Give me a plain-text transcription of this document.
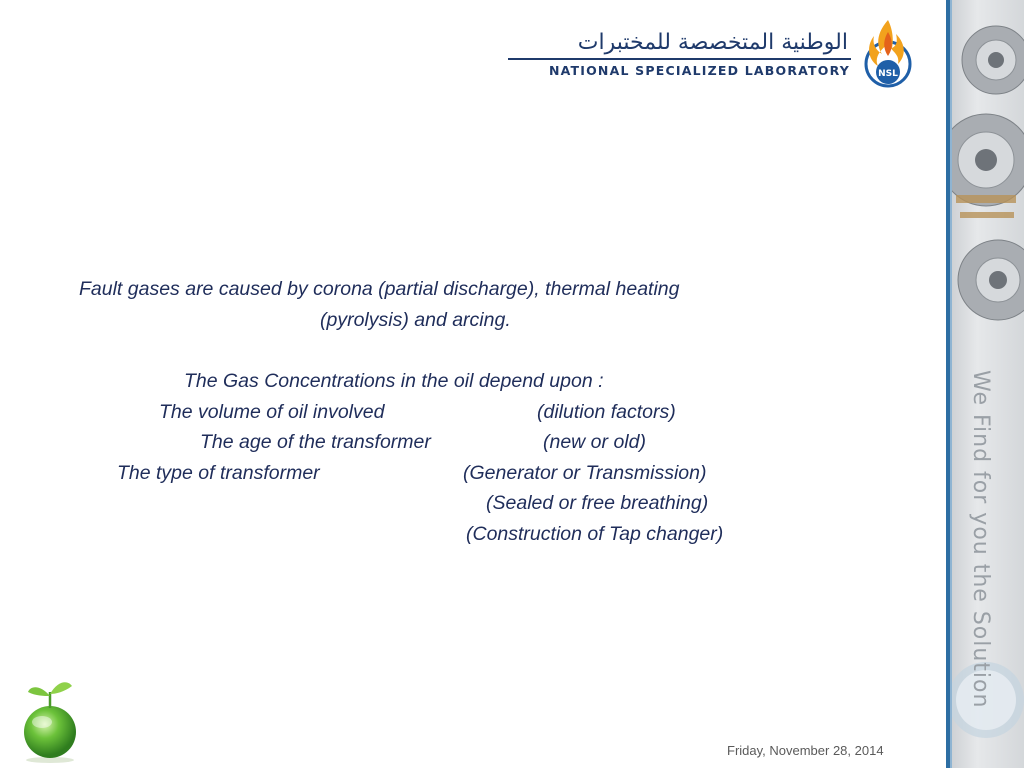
الوطنية المتخصصة للمختبرات
NATIONAL SPECIALIZED LABORATORY	NSL
Fault gases are caused by corona (partial discharge), thermal heating
(pyrolysis) and arcing.
The Gas Concentrations in the oil depend upon :
The volume of oil involved	(dilution factors)
The age of the transformer	(new or old)
The type of transformer	(Generator or Transmission)
(Sealed or free breathing)
(Construction of Tap changer)
Friday, November 28, 2014
We Find for you the Solution
